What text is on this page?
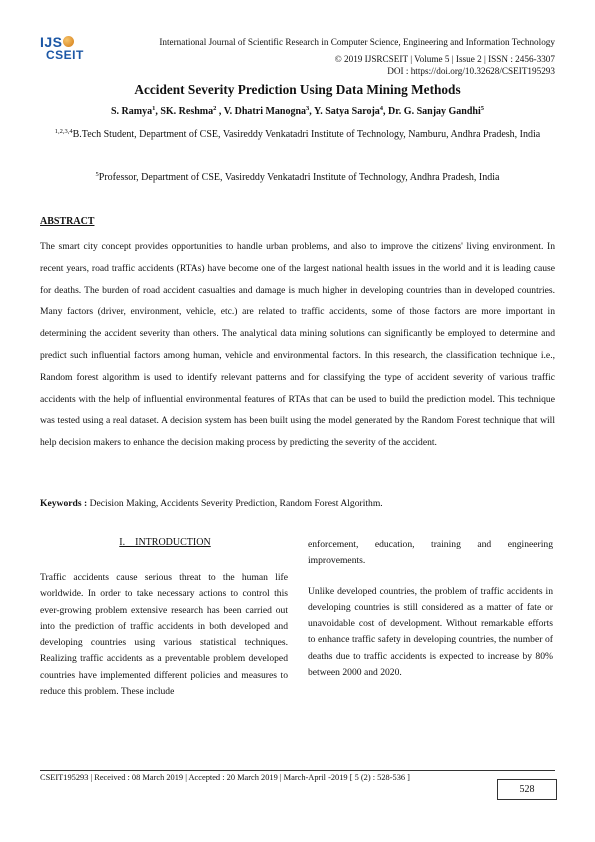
IJS
CSEIT
International Journal of Scientific Research in Computer Science, Engineering and Information Technology
© 2019 IJSRCSEIT | Volume 5 | Issue 2 | ISSN : 2456-3307
DOI : https://doi.org/10.32628/CSEIT195293
Accident Severity Prediction Using Data Mining Methods
S. Ramya$^1$, SK. Reshma$^2$ , V. Dhatri Manogna$^3$, Y. Satya Saroja$^4$, Dr. G. Sanjay Gandhi$^5$
$^{1,2,3,4}$B.Tech Student, Department of CSE, Vasireddy Venkatadri Institute of Technology, Namburu, Andhra Pradesh, India
$^5$Professor, Department of CSE, Vasireddy Venkatadri Institute of Technology, Andhra Pradesh, India
ABSTRACT
The smart city concept provides opportunities to handle urban problems, and also to improve the citizens' living environment. In recent years, road traffic accidents (RTAs) have become one of the largest national health issues in the world and it is leading cause for deaths. The burden of road accident casualties and damage is much higher in developing countries than in developed countries. Many factors (driver, environment, vehicle, etc.) are related to traffic accidents, some of those factors are more important in determining the accident severity than others. The analytical data mining solutions can significantly be employed to determine and predict such influential factors among human, vehicle and environmental factors. In this research, the classification technique i.e., Random forest algorithm is used to identify relevant patterns and for classifying the type of accident severity of various traffic accidents with the help of influential environmental features of RTAs that can be used to build the prediction model. This technique was tested using a real dataset. A decision system has been built using the model generated by the Random Forest technique that will help decision makers to enhance the decision making process by predicting the severity of the accident.
Keywords : Decision Making, Accidents Severity Prediction, Random Forest Algorithm.
I.    INTRODUCTION

Traffic accidents cause serious threat to the human life worldwide. In order to take necessary actions to control this ever-growing problem extensive research has been carried out into the prediction of traffic accidents in both developed and developing countries using various statistical techniques. Realizing traffic accidents as a preventable problem developed countries have implemented different policies and measures to reduce this problem. These include

enforcement, education, training and engineering improvements.

Unlike developed countries, the problem of traffic accidents in developing countries is still considered as a matter of fate or unavoidable cost of development. Without remarkable efforts to enhance traffic safety in developing countries, the number of deaths due to traffic accidents is expected to increase by 80% between 2000 and 2020.

CSEIT195293 | Received : 08 March 2019 | Accepted : 20 March 2019 | March-April -2019 [ 5 (2) : 528-536 ]
528
